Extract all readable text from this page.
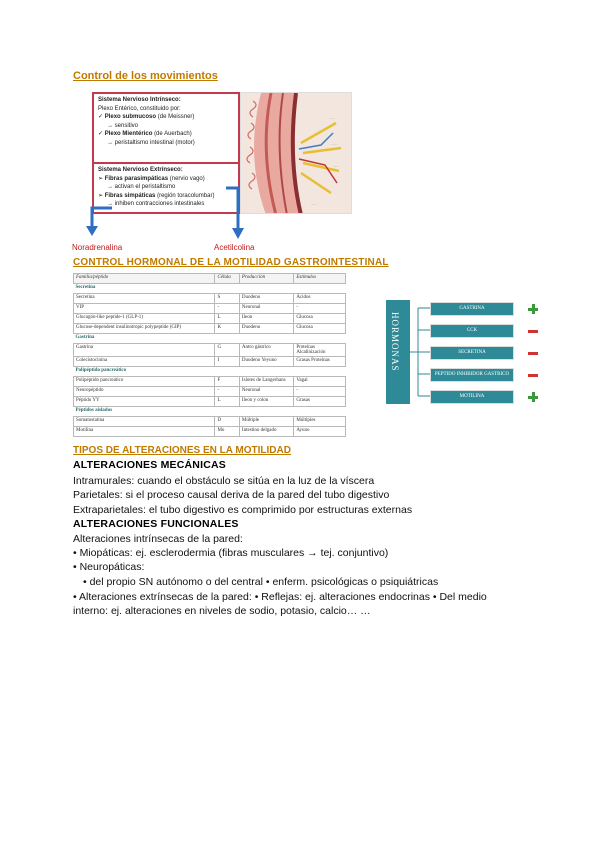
Control de los movimientos
Sistema Nervioso Intrínseco:
Plexo Entérico, constituido por:
✓ Plexo submucoso (de Meissner)
→ sensitivo
✓ Plexo Mientérico (de Auerbach)
→ peristaltismo intestinal (motor)
Sistema Nervioso Extrínseco:
➢ Fibras parasimpáticas (nervio vago)
→ activan el peristaltismo
➢ Fibras simpáticas (región toracolumbar)
→ inhiben contracciones intestinales
.......
.......
.......
.......
Noradrenalina	Acetilcolina
CONTROL HORMONAL DE LA MOTILIDAD GASTROINTESTINAL
Familia/péptido	Célula	Producción	Estímulos
Secretina			
Secretina	S	Duodeno	Ácidos
VIP	-	Neuronal	-
Glucagón-like peptide-1 (GLP-1)	L	Ileon	Glucosa
Glucose-dependent insulinotropic polypeptide (GIP)	K	Duodeno	Glucosa
Gastrina			
Gastrina	G	Antro gástrico	Proteínas Alcalinización
Colecistocinina	I	Duodeno Yeyuno	Grasas Proteínas
Polipéptido pancreático			
Polipéptido pancreático	F	Islotes de Langerhans	Vagal
Neuropéptido	-	Neuronal	-
Péptido YY	L	Ileon y colon	Grasas
Péptidos aislados			
Somatostatina	D	Múltiple	Múltiples
Motilina	Mo	Intestino delgado	Ayuno
HORMONAS
GASTRINA
CCK
SECRETINA
PEPTIDO INHIBIDOR GASTRICO
MOTILINA
TIPOS DE ALTERACIONES EN LA MOTILIDAD
ALTERACIONES MECÁNICAS
Intramurales: cuando el obstáculo se sitúa en la luz de la víscera
Parietales: si el proceso causal deriva de la pared del tubo digestivo
Extraparietales: el tubo digestivo es comprimido por estructuras externas
ALTERACIONES FUNCIONALES
Alteraciones intrínsecas de la pared:
• Miopáticas: ej. esclerodermia (fibras musculares → tej. conjuntivo)
• Neuropáticas:
• del propio SN autónomo o del central • enferm. psicológicas o psiquiátricas
• Alteraciones extrínsecas de la pared: • Reflejas: ej. alteraciones endocrinas • Del medio
interno: ej. alteraciones en niveles de sodio, potasio, calcio… …
